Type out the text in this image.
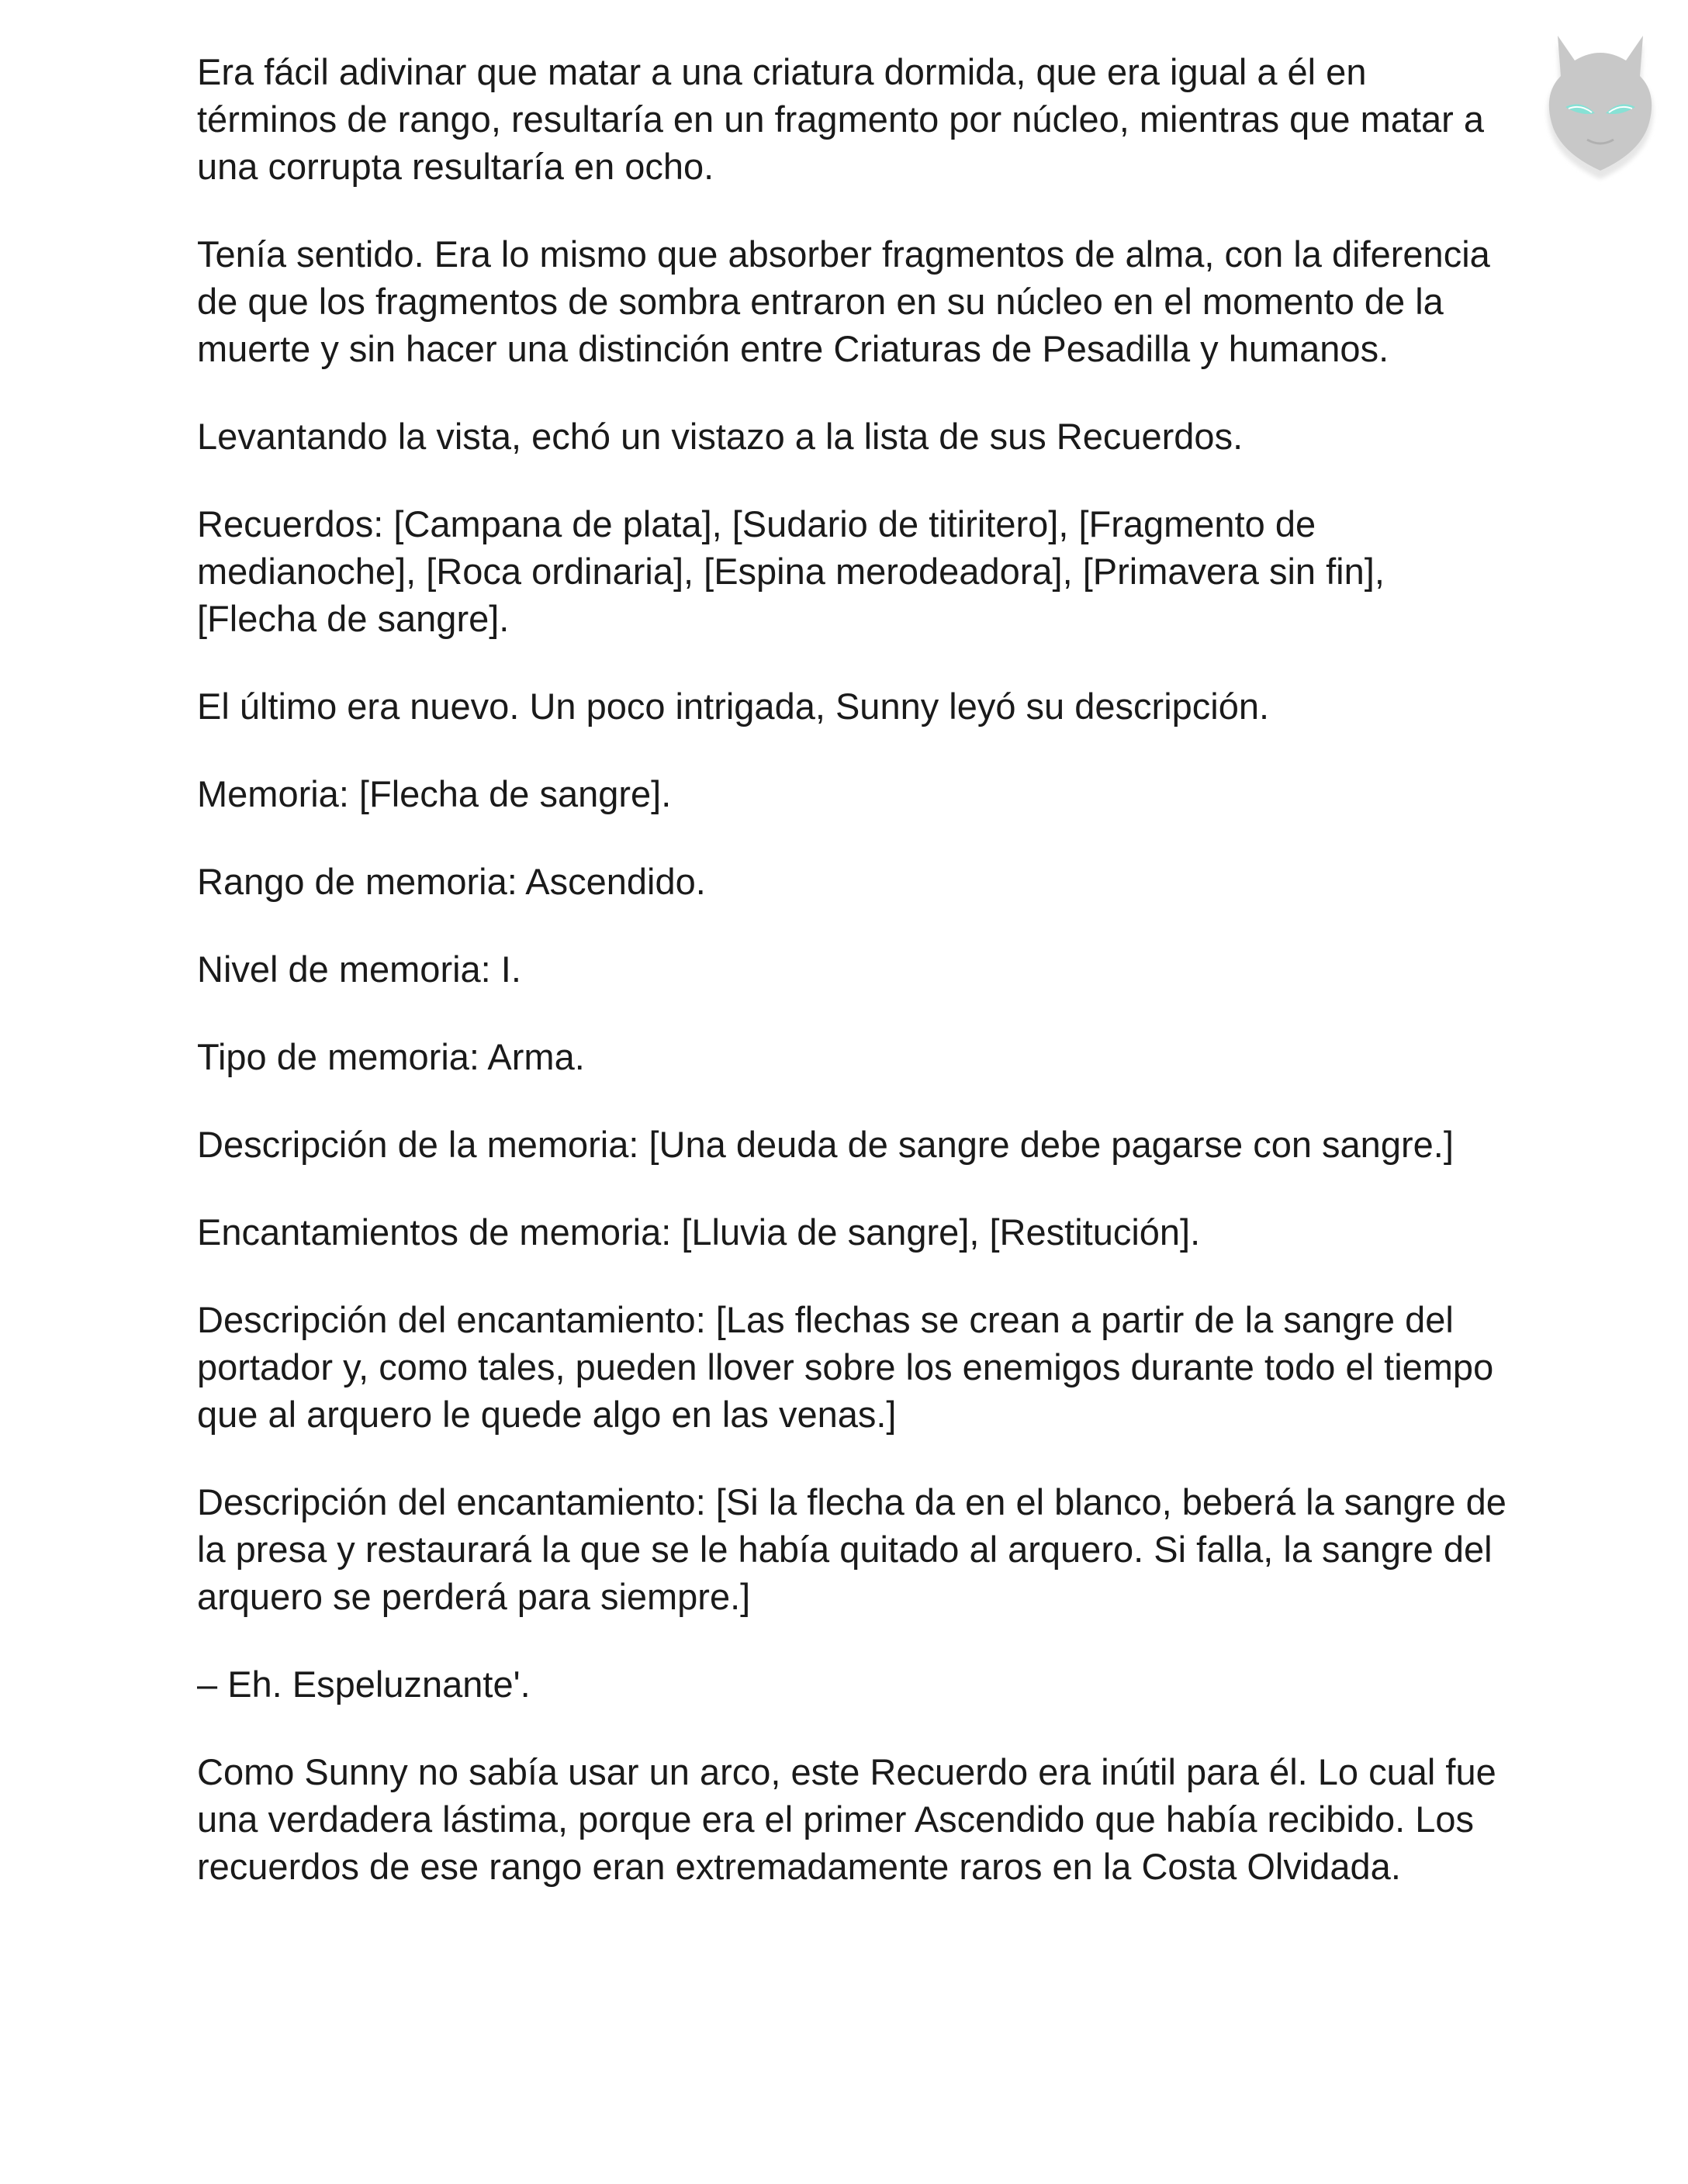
Era fácil adivinar que matar a una criatura dormida, que era igual a él en términos de rango, resultaría en un fragmento por núcleo, mientras que matar a una corrupta resultaría en ocho.

Tenía sentido. Era lo mismo que absorber fragmentos de alma, con la diferencia de que los fragmentos de sombra entraron en su núcleo en el momento de la muerte y sin hacer una distinción entre Criaturas de Pesadilla y humanos.

Levantando la vista, echó un vistazo a la lista de sus Recuerdos.

Recuerdos: [Campana de plata], [Sudario de titiritero], [Fragmento de medianoche], [Roca ordinaria], [Espina merodeadora], [Primavera sin fin], [Flecha de sangre].

El último era nuevo. Un poco intrigada, Sunny leyó su descripción.

Memoria: [Flecha de sangre].

Rango de memoria: Ascendido.

Nivel de memoria: I.

Tipo de memoria: Arma.

Descripción de la memoria: [Una deuda de sangre debe pagarse con sangre.]

Encantamientos de memoria: [Lluvia de sangre], [Restitución].

Descripción del encantamiento: [Las flechas se crean a partir de la sangre del portador y, como tales, pueden llover sobre los enemigos durante todo el tiempo que al arquero le quede algo en las venas.]

Descripción del encantamiento: [Si la flecha da en el blanco, beberá la sangre de la presa y restaurará la que se le había quitado al arquero. Si falla, la sangre del arquero se perderá para siempre.]

– Eh. Espeluznante'.

Como Sunny no sabía usar un arco, este Recuerdo era inútil para él. Lo cual fue una verdadera lástima, porque era el primer Ascendido que había recibido. Los recuerdos de ese rango eran extremadamente raros en la Costa Olvidada.
